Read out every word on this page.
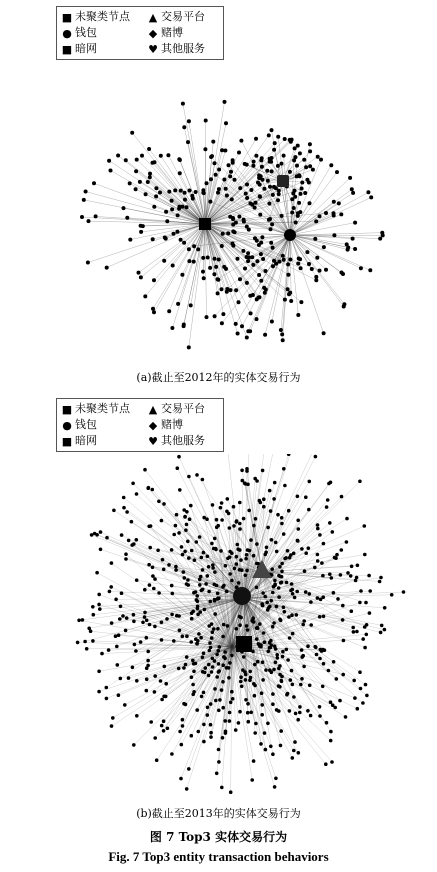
■ 未聚类节点 ▲ 交易平台
● 钱包	◆ 赌博
■ 暗网	♥ 其他服务
(a)截止至2012年的实体交易行为
■ 未聚类节点 ▲ 交易平台
● 钱包	◆ 赌博
■ 暗网	♥ 其他服务
(b)截止至2013年的实体交易行为
图 7 Top3 实体交易行为
Fig. 7 Top3 entity transaction behaviors
